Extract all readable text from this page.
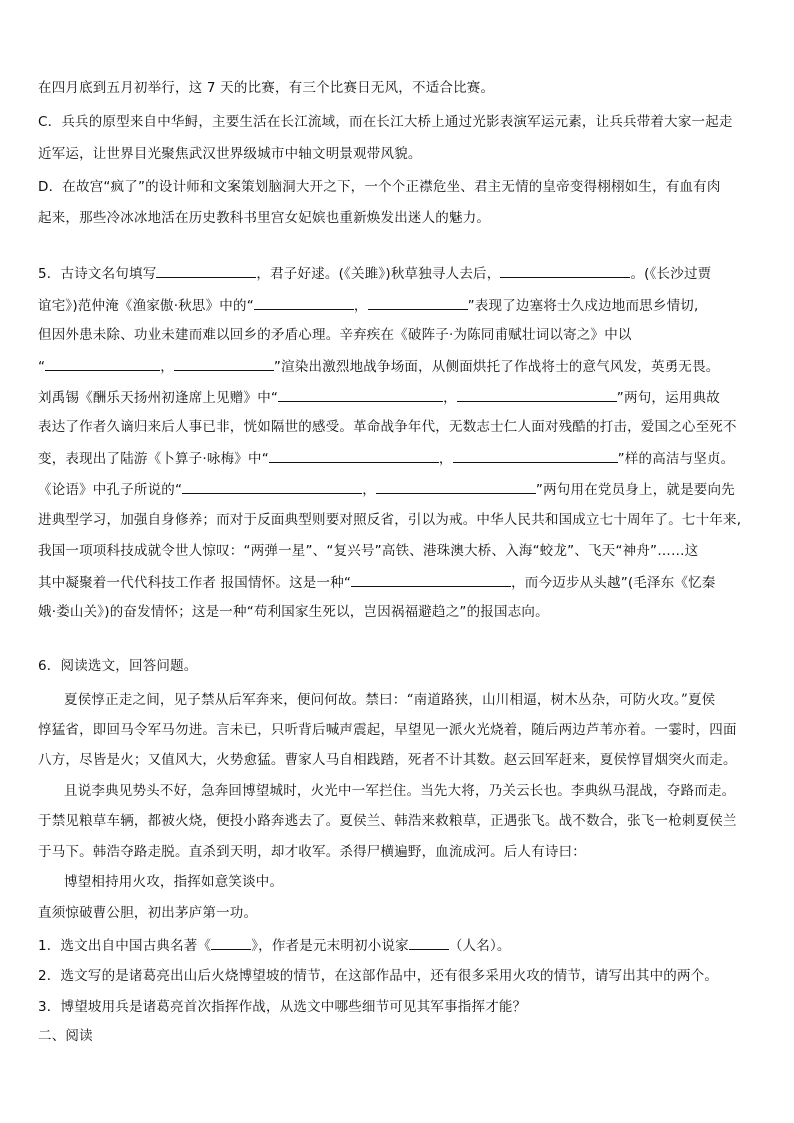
在四月底到五月初举行，这 7 天的比赛，有三个比赛日无风，不适合比赛。
C．兵兵的原型来自中华鲟，主要生活在长江流域，而在长江大桥上通过光影表演军运元素，让兵兵带着大家一起走
近军运，让世界目光聚焦武汉世界级城市中轴文明景观带风貌。
D．在故宫“疯了”的设计师和文案策划脑洞大开之下，一个个正襟危坐、君主无情的皇帝变得栩栩如生，有血有肉
起来，那些冷冰冰地活在历史教科书里宫女妃嫔也重新焕发出迷人的魅力。
5．古诗文名句填写	，君子好逑。(《关雎》)秋草独寻人去后，	。(《长沙过贾
谊宅》)范仲淹《渔家傲·秋思》中的“	，	”表现了边塞将士久戍边地而思乡情切,
但因外患未除、功业未建而难以回乡的矛盾心理。辛弃疾在《破阵子·为陈同甫赋壮词以寄之》中以
“	，	”渲染出激烈地战争场面，从侧面烘托了作战将士的意气风发，英勇无畏。
刘禹锡《酬乐天扬州初逢席上见赠》中“	，	”两句，运用典故
表达了作者久谪归来后人事已非，恍如隔世的感受。革命战争年代，无数志士仁人面对残酷的打击，爱国之心至死不
变，表现出了陆游《卜算子·咏梅》中“	，	”样的高洁与坚贞。
《论语》中孔子所说的“	，	”两句用在党员身上，就是要向先
进典型学习，加强自身修养；而对于反面典型则要对照反省，引以为戒。中华人民共和国成立七十周年了。七十年来,
我国一项项科技成就令世人惊叹：“两弹一星”、“复兴号”高铁、港珠澳大桥、入海“蛟龙”、飞天“神舟”……这
其中凝聚着一代代科技工作者 报国情怀。这是一种“	，而今迈步从头越”(毛泽东《忆秦
娥·娄山关》)的奋发情怀；这是一种“苟利国家生死以，岂因祸福避趋之”的报国志向。
6．阅读选文，回答问题。
夏侯惇正走之间，见子禁从后军奔来，便问何故。禁曰：“南道路狭，山川相逼，树木丛杂，可防火攻。”夏侯
惇猛省，即回马令军马勿进。言未已，只听背后喊声震起，早望见一派火光烧着，随后两边芦苇亦着。一霎时，四面
八方，尽皆是火；又值风大，火势愈猛。曹家人马自相践踏，死者不计其数。赵云回军赶来，夏侯惇冒烟突火而走。
且说李典见势头不好，急奔回博望城时，火光中一军拦住。当先大将，乃关云长也。李典纵马混战，夺路而走。
于禁见粮草车辆，都被火烧，便投小路奔逃去了。夏侯兰、韩浩来救粮草，正遇张飞。战不数合，张飞一枪刺夏侯兰
于马下。韩浩夺路走脱。直杀到天明，却才收军。杀得尸横遍野，血流成河。后人有诗曰：
博望相持用火攻，指挥如意笑谈中。
直须惊破曹公胆，初出茅庐第一功。
1．选文出自中国古典名著《	》，作者是元末明初小说家	（人名）。
2．选文写的是诸葛亮出山后火烧博望坡的情节，在这部作品中，还有很多采用火攻的情节，请写出其中的两个。
3．博望坡用兵是诸葛亮首次指挥作战，从选文中哪些细节可见其军事指挥才能？
二、阅读
